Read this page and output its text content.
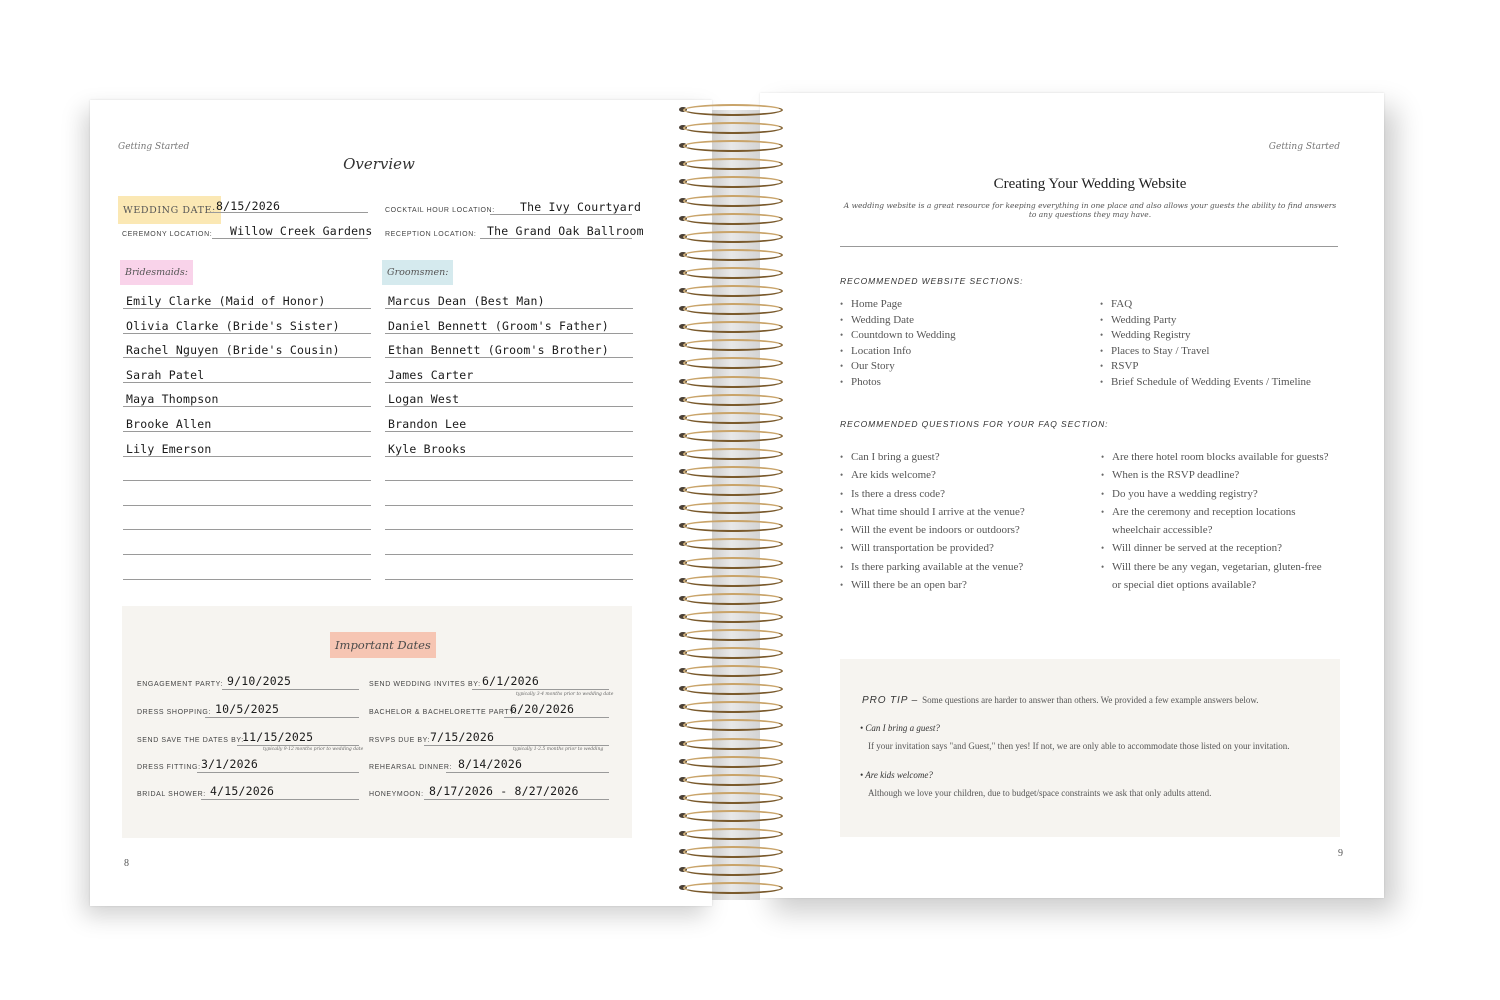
Getting Started
Overview
WEDDING DATE: 8/15/2026
CEREMONY LOCATION: Willow Creek Gardens
COCKTAIL HOUR LOCATION: The Ivy Courtyard
RECEPTION LOCATION: The Grand Oak Ballroom
Bridesmaids:	Groomsmen:
Emily Clarke (Maid of Honor)
Olivia Clarke (Bride's Sister)
Rachel Nguyen (Bride's Cousin)
Sarah Patel
Maya Thompson
Brooke Allen
Lily Emerson
Marcus Dean (Best Man)
Daniel Bennett (Groom's Father)
Ethan Bennett (Groom's Brother)
James Carter
Logan West
Brandon Lee
Kyle Brooks
Important Dates
ENGAGEMENT PARTY: 9/10/2025
DRESS SHOPPING: 10/5/2025
SEND SAVE THE DATES BY:
11/15/2025
typically 9-12 months prior to wedding date
DRESS FITTING: 3/1/2026
BRIDAL SHOWER: 4/15/2026
SEND WEDDING INVITES BY: 6/1/2026
typically 3-4 months prior to wedding date
BACHELOR & BACHELORETTE PARTY:
6/20/2026
RSVPS DUE BY: 7/15/2026
typically 1-2.5 months prior to wedding
REHEARSAL DINNER: 8/14/2026
HONEYMOON: 8/17/2026 - 8/27/2026
8
Getting Started
Creating Your Wedding Website
A wedding website is a great resource for keeping everything in one place and also allows your guests the ability to find answers to any questions they may have.
RECOMMENDED WEBSITE SECTIONS:
• Home Page
• Wedding Date
• Countdown to Wedding
• Location Info
• Our Story
• Photos
• FAQ
• Wedding Party
• Wedding Registry
• Places to Stay / Travel
• RSVP
• Brief Schedule of Wedding Events / Timeline
RECOMMENDED QUESTIONS FOR YOUR FAQ SECTION:
• Can I bring a guest?
• Are kids welcome?
• Is there a dress code?
• What time should I arrive at the venue?
• Will the event be indoors or outdoors?
• Will transportation be provided?
• Is there parking available at the venue?
• Will there be an open bar?
• Are there hotel room blocks available for guests?
• When is the RSVP deadline?
• Do you have a wedding registry?
• Are the ceremony and reception locations
wheelchair accessible?
• Will dinner be served at the reception?
• Will there be any vegan, vegetarian, gluten-free
or special diet options available?
PRO TIP – Some questions are harder to answer than others. We provided a few example answers below.
• Can I bring a guest?
If your invitation says "and Guest," then yes! If not, we are only able to accommodate those listed on your invitation.
• Are kids welcome?
Although we love your children, due to budget/space constraints we ask that only adults attend.
9
